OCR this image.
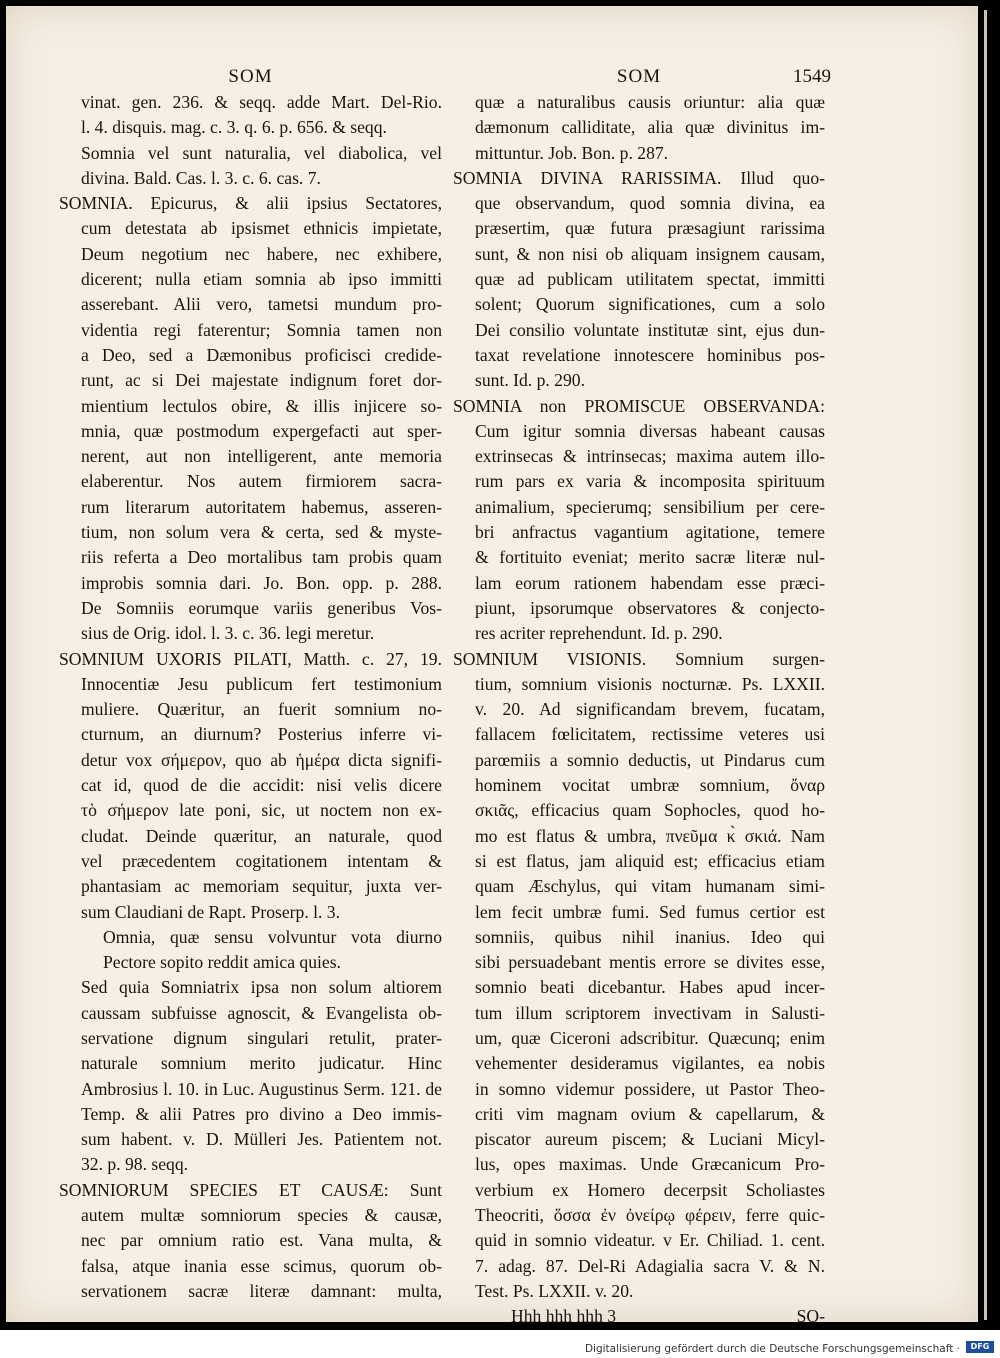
SOM
vinat. gen. 236. & seqq. adde Mart. Del-Rio.
l. 4. disquis. mag. c. 3. q. 6. p. 656. & seqq.
Somnia vel sunt naturalia, vel diabolica, vel
divina. Bald. Cas. l. 3. c. 6. cas. 7.
SOMNIA. Epicurus, & alii ipsius Sectatores,
cum detestata ab ipsismet ethnicis impietate,
Deum negotium nec habere, nec exhibere,
dicerent; nulla etiam somnia ab ipso immitti
asserebant. Alii vero, tametsi mundum pro-
videntia regi faterentur; Somnia tamen non
a Deo, sed a Dæmonibus proficisci credide-
runt, ac si Dei majestate indignum foret dor-
mientium lectulos obire, & illis injicere so-
mnia, quæ postmodum expergefacti aut sper-
nerent, aut non intelligerent, ante memoria
elaberentur. Nos autem firmiorem sacra-
rum literarum autoritatem habemus, asseren-
tium, non solum vera & certa, sed & myste-
riis referta a Deo mortalibus tam probis quam
improbis somnia dari. Jo. Bon. opp. p. 288.
De Somniis eorumque variis generibus Vos-
sius de Orig. idol. l. 3. c. 36. legi meretur.
SOMNIUM UXORIS PILATI, Matth. c. 27, 19.
Innocentiæ Jesu publicum fert testimonium
muliere. Quæritur, an fuerit somnium no-
cturnum, an diurnum? Posterius inferre vi-
detur vox σήμερον, quo ab ἡμέρα dicta signifi-
cat id, quod de die accidit: nisi velis dicere
τὸ σήμερον late poni, sic, ut noctem non ex-
cludat. Deinde quæritur, an naturale, quod
vel præcedentem cogitationem intentam &
phantasiam ac memoriam sequitur, juxta ver-
sum Claudiani de Rapt. Proserp. l. 3.
Omnia, quæ sensu volvuntur vota diurno
Pectore sopito reddit amica quies.
Sed quia Somniatrix ipsa non solum altiorem
caussam subfuisse agnoscit, & Evangelista ob-
servatione dignum singulari retulit, prater-
naturale somnium merito judicatur. Hinc
Ambrosius l. 10. in Luc. Augustinus Serm. 121. de
Temp. & alii Patres pro divino a Deo immis-
sum habent. v. D. Mülleri Jes. Patientem not.
32. p. 98. seqq.
SOMNIORUM SPECIES ET CAUSÆ: Sunt
autem multæ somniorum species & causæ,
nec par omnium ratio est. Vana multa, &
falsa, atque inania esse scimus, quorum ob-
servationem sacræ literæ damnant: multa,
SOM	1549
quæ a naturalibus causis oriuntur: alia quæ
dæmonum calliditate, alia quæ divinitus im-
mittuntur. Job. Bon. p. 287.
SOMNIA DIVINA RARISSIMA. Illud quo-
que observandum, quod somnia divina, ea
præsertim, quæ futura præsagiunt rarissima
sunt, & non nisi ob aliquam insignem causam,
quæ ad publicam utilitatem spectat, immitti
solent; Quorum significationes, cum a solo
Dei consilio voluntate institutæ sint, ejus dun-
taxat revelatione innotescere hominibus pos-
sunt. Id. p. 290.
SOMNIA non PROMISCUE OBSERVANDA:
Cum igitur somnia diversas habeant causas
extrinsecas & intrinsecas; maxima autem illo-
rum pars ex varia & incomposita spirituum
animalium, specierumq; sensibilium per cere-
bri anfractus vagantium agitatione, temere
& fortituito eveniat; merito sacræ literæ nul-
lam eorum rationem habendam esse præci-
piunt, ipsorumque observatores & conjecto-
res acriter reprehendunt. Id. p. 290.
SOMNIUM VISIONIS. Somnium surgen-
tium, somnium visionis nocturnæ. Ps. LXXII.
v. 20. Ad significandam brevem, fucatam,
fallacem fœlicitatem, rectissime veteres usi
parœmiis a somnio deductis, ut Pindarus cum
hominem vocitat umbræ somnium, ὄναρ
σκιᾶς, efficacius quam Sophocles, quod ho-
mo est flatus & umbra, πνεῦμα κ̀ σκιά. Nam
si est flatus, jam aliquid est; efficacius etiam
quam Æschylus, qui vitam humanam simi-
lem fecit umbræ fumi. Sed fumus certior est
somniis, quibus nihil inanius. Ideo qui
sibi persuadebant mentis errore se divites esse,
somnio beati dicebantur. Habes apud incer-
tum illum scriptorem invectivam in Salusti-
um, quæ Ciceroni adscribitur. Quæcunq; enim
vehementer desideramus vigilantes, ea nobis
in somno videmur possidere, ut Pastor Theo-
criti vim magnam ovium & capellarum, &
piscator aureum piscem; & Luciani Micyl-
lus, opes maximas. Unde Græcanicum Pro-
verbium ex Homero decerpsit Scholiastes
Theocriti, ὅσσα ἐν ὀνείρῳ φέρειν, ferre quic-
quid in somnio videatur. v Er. Chiliad. 1. cent.
7. adag. 87. Del-Ri Adagialia sacra V. & N.
Test. Ps. LXXII. v. 20.
Hhh hhh hhh 3	SO-
Digitalisierung gefördert durch die Deutsche Forschungsgemeinschaft ·	DFG
